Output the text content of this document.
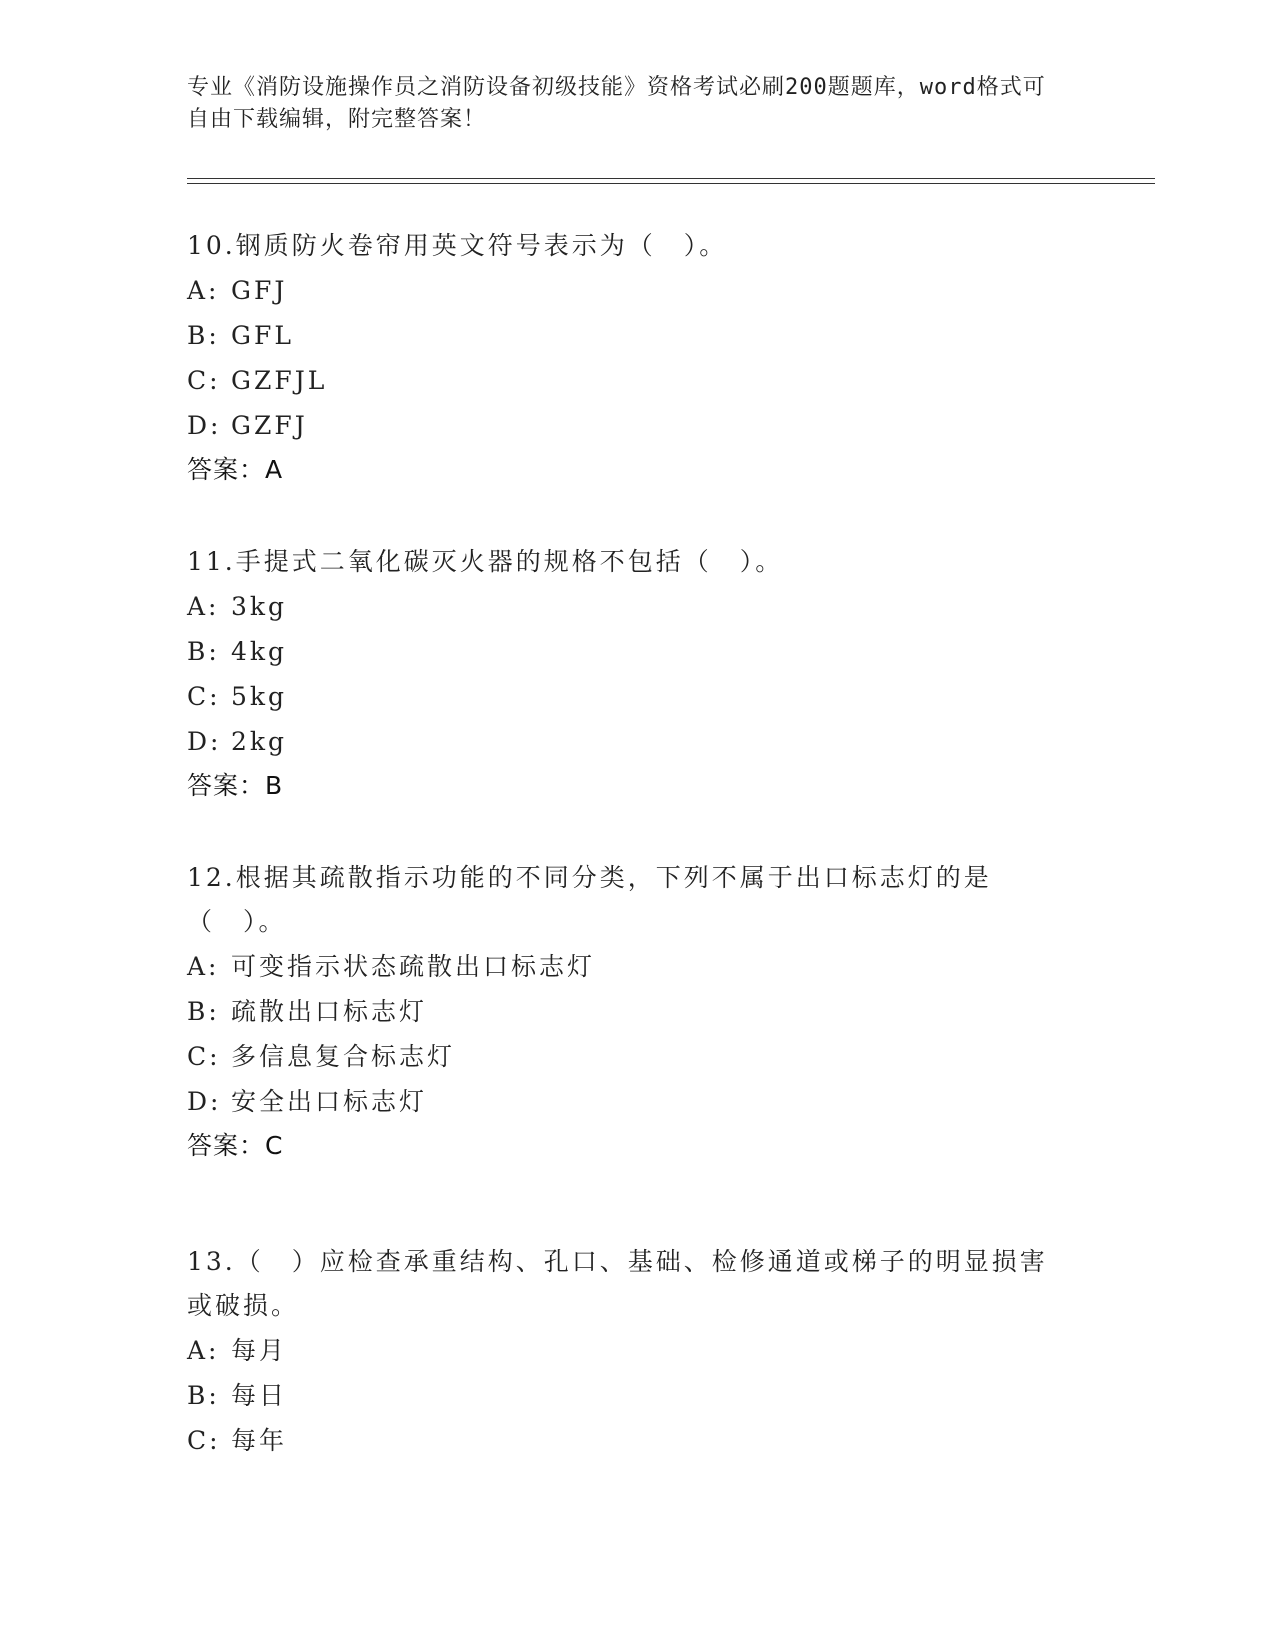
专业《消防设施操作员之消防设备初级技能》资格考试必刷200题题库，word格式可自由下载编辑，附完整答案！

10.钢质防火卷帘用英文符号表示为（　）。

A: GFJ

B: GFL

C: GZFJL

D: GZFJ

答案： A

11.手提式二氧化碳灭火器的规格不包括（　）。

A: 3kg

B: 4kg

C: 5kg

D: 2kg

答案： B

12.根据其疏散指示功能的不同分类，下列不属于出口标志灯的是（　）。

A: 可变指示状态疏散出口标志灯

B: 疏散出口标志灯

C: 多信息复合标志灯

D: 安全出口标志灯

答案： C

13.（　）应检查承重结构、孔口、基础、检修通道或梯子的明显损害或破损。

A: 每月

B: 每日

C: 每年
